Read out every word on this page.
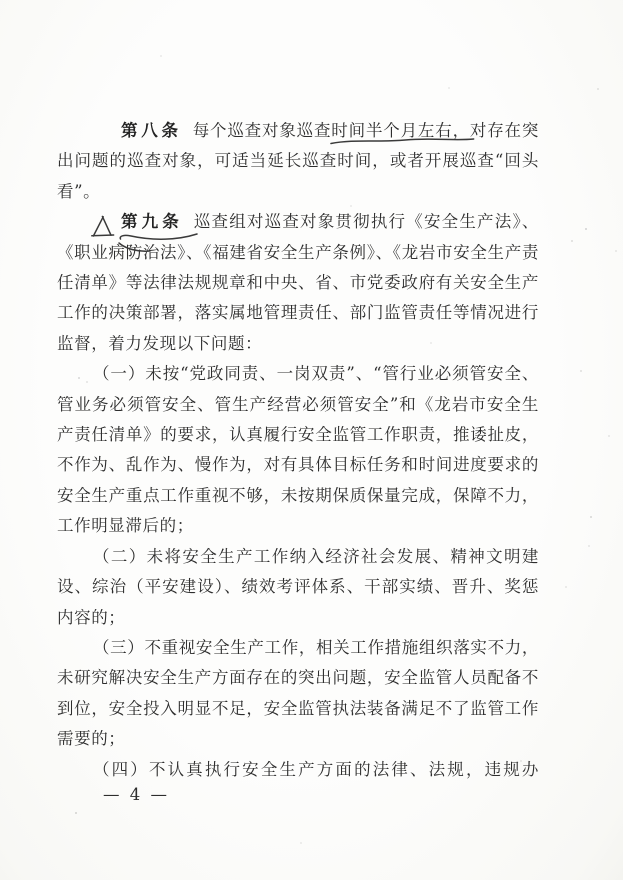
第八条 每个巡查对象巡查时间半个月左右，
对存在突出问题的巡查对象，可适当延长巡查时间，或者开展巡查“回头看”。

第九条 巡查组对巡查对象贯彻执行《安全生产法》、《职业病防治法》、《福建省安全生产条例》、《龙岩市安全生产责任清单》等法律法规规章和中央、省、市党委政府有关安全生产工作的决策部署，落实属地管理责任、部门监管责任等情况进行监督，着力发现以下问题：

（一）未按“党政同责、一岗双责”、“管行业必须管安全、管业务必须管安全、管生产经营必须管安全”和《龙岩市安全生产责任清单》的要求，认真履行安全监管工作职责，推诿扯皮，不作为、乱作为、慢作为，对有具体目标任务和时间进度要求的安全生产重点工作重视不够，未按期保质保量完成，保障不力，工作明显滞后的；

（二）未将安全生产工作纳入经济社会发展、精神文明建设、综治（平安建设）、绩效考评体系、干部实绩、晋升、奖惩内容的；

（三）不重视安全生产工作，相关工作措施组织落实不力，未研究解决安全生产方面存在的突出问题，安全监管人员配备不到位，安全投入明显不足，安全监管执法装备满足不了监管工作需要的；

（四）不认真执行安全生产方面的法律、法规，违规办

— 4 —
